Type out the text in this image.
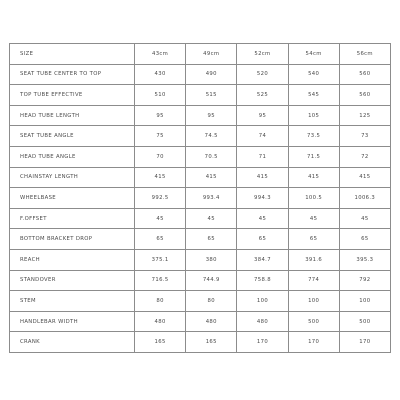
SIZE	43cm	49cm	52cm	54cm	56cm
SEAT TUBE CENTER TO TOP	430	490	520	540	560
TOP TUBE EFFECTIVE	510	515	525	545	560
HEAD TUBE LENGTH	95	95	95	105	125
SEAT TUBE ANGLE	75	74.5	74	73.5	73
HEAD TUBE ANGLE	70	70.5	71	71.5	72
CHAINSTAY LENGTH	415	415	415	415	415
WHEELBASE	992.5	993.4	994.3	100.5	1006.3
F.OFFSET	45	45	45	45	45
BOTTOM BRACKET DROP	65	65	65	65	65
REACH	375.1	380	384.7	391.6	395.3
STANDOVER	716.5	744.9	758.8	774	792
STEM	80	80	100	100	100
HANDLEBAR WIDTH	480	480	480	500	500
CRANK	165	165	170	170	170
